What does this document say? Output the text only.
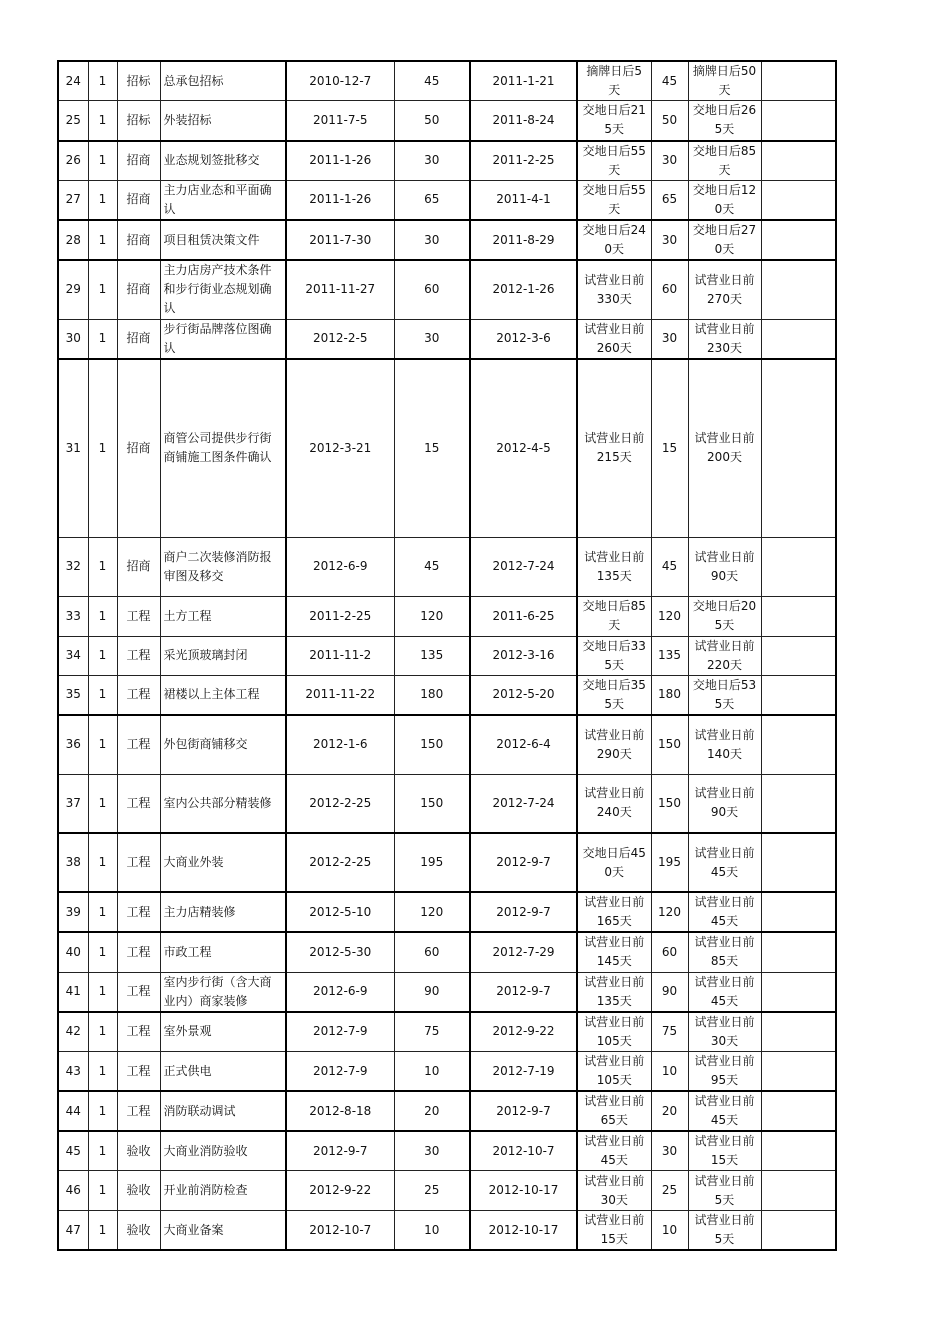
24	1	招标	总承包招标	2010-12-7	45	2011-1-21	摘牌日后5天	45	摘牌日后50天	
25	1	招标	外装招标	2011-7-5	50	2011-8-24	交地日后215天	50	交地日后265天	
26	1	招商	业态规划签批移交	2011-1-26	30	2011-2-25	交地日后55天	30	交地日后85天	
27	1	招商	主力店业态和平面确认	2011-1-26	65	2011-4-1	交地日后55天	65	交地日后120天	
28	1	招商	项目租赁决策文件	2011-7-30	30	2011-8-29	交地日后240天	30	交地日后270天	
29	1	招商	主力店房产技术条件和步行街业态规划确认	2011-11-27	60	2012-1-26	试营业日前330天	60	试营业日前270天	
30	1	招商	步行街品牌落位图确认	2012-2-5	30	2012-3-6	试营业日前260天	30	试营业日前230天	
31	1	招商	商管公司提供步行街商铺施工图条件确认	2012-3-21	15	2012-4-5	试营业日前215天	15	试营业日前200天	
32	1	招商	商户二次装修消防报审图及移交	2012-6-9	45	2012-7-24	试营业日前135天	45	试营业日前90天	
33	1	工程	土方工程	2011-2-25	120	2011-6-25	交地日后85天	120	交地日后205天	
34	1	工程	采光顶玻璃封闭	2011-11-2	135	2012-3-16	交地日后335天	135	试营业日前220天	
35	1	工程	裙楼以上主体工程	2011-11-22	180	2012-5-20	交地日后355天	180	交地日后535天	
36	1	工程	外包街商铺移交	2012-1-6	150	2012-6-4	试营业日前290天	150	试营业日前140天	
37	1	工程	室内公共部分精装修	2012-2-25	150	2012-7-24	试营业日前240天	150	试营业日前90天	
38	1	工程	大商业外装	2012-2-25	195	2012-9-7	交地日后450天	195	试营业日前45天	
39	1	工程	主力店精装修	2012-5-10	120	2012-9-7	试营业日前165天	120	试营业日前45天	
40	1	工程	市政工程	2012-5-30	60	2012-7-29	试营业日前145天	60	试营业日前85天	
41	1	工程	室内步行街（含大商业内）商家装修	2012-6-9	90	2012-9-7	试营业日前135天	90	试营业日前45天	
42	1	工程	室外景观	2012-7-9	75	2012-9-22	试营业日前105天	75	试营业日前30天	
43	1	工程	正式供电	2012-7-9	10	2012-7-19	试营业日前105天	10	试营业日前95天	
44	1	工程	消防联动调试	2012-8-18	20	2012-9-7	试营业日前65天	20	试营业日前45天	
45	1	验收	大商业消防验收	2012-9-7	30	2012-10-7	试营业日前45天	30	试营业日前15天	
46	1	验收	开业前消防检查	2012-9-22	25	2012-10-17	试营业日前30天	25	试营业日前5天	
47	1	验收	大商业备案	2012-10-7	10	2012-10-17	试营业日前15天	10	试营业日前5天	
